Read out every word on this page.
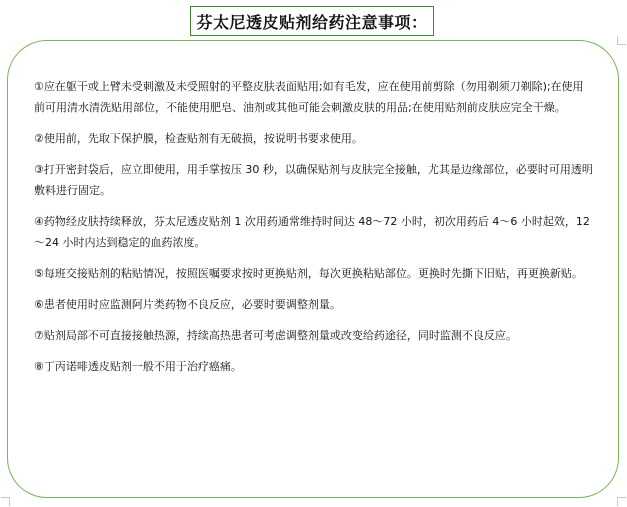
芬太尼透皮贴剂给药注意事项：
①应在躯干或上臂未受刺激及未受照射的平整皮肤表面贴用;如有毛发，应在使用前剪除（勿用剃须刀剃除);在使用前可用清水清洗贴用部位，不能使用肥皂、油剂或其他可能会刺激皮肤的用品;在使用贴剂前皮肤应完全干燥。
②使用前，先取下保护膜，检查贴剂有无破损，按说明书要求使用。
③打开密封袋后，应立即使用，用手掌按压 30 秒，以确保贴剂与皮肤完全接触，尤其是边缘部位，必要时可用透明敷料进行固定。
④药物经皮肤持续释放，芬太尼透皮贴剂 1 次用药通常维持时间达 48～72 小时，初次用药后 4～6 小时起效，12～24 小时内达到稳定的血药浓度。
⑤每班交接贴剂的粘贴情况，按照医嘱要求按时更换贴剂，每次更换粘贴部位。更换时先撕下旧贴，再更换新贴。
⑥患者使用时应监测阿片类药物不良反应，必要时要调整剂量。
⑦贴剂局部不可直接接触热源，持续高热患者可考虑调整剂量或改变给药途径，同时监测不良反应。
⑧丁丙诺啡透皮贴剂一般不用于治疗癌痛。
